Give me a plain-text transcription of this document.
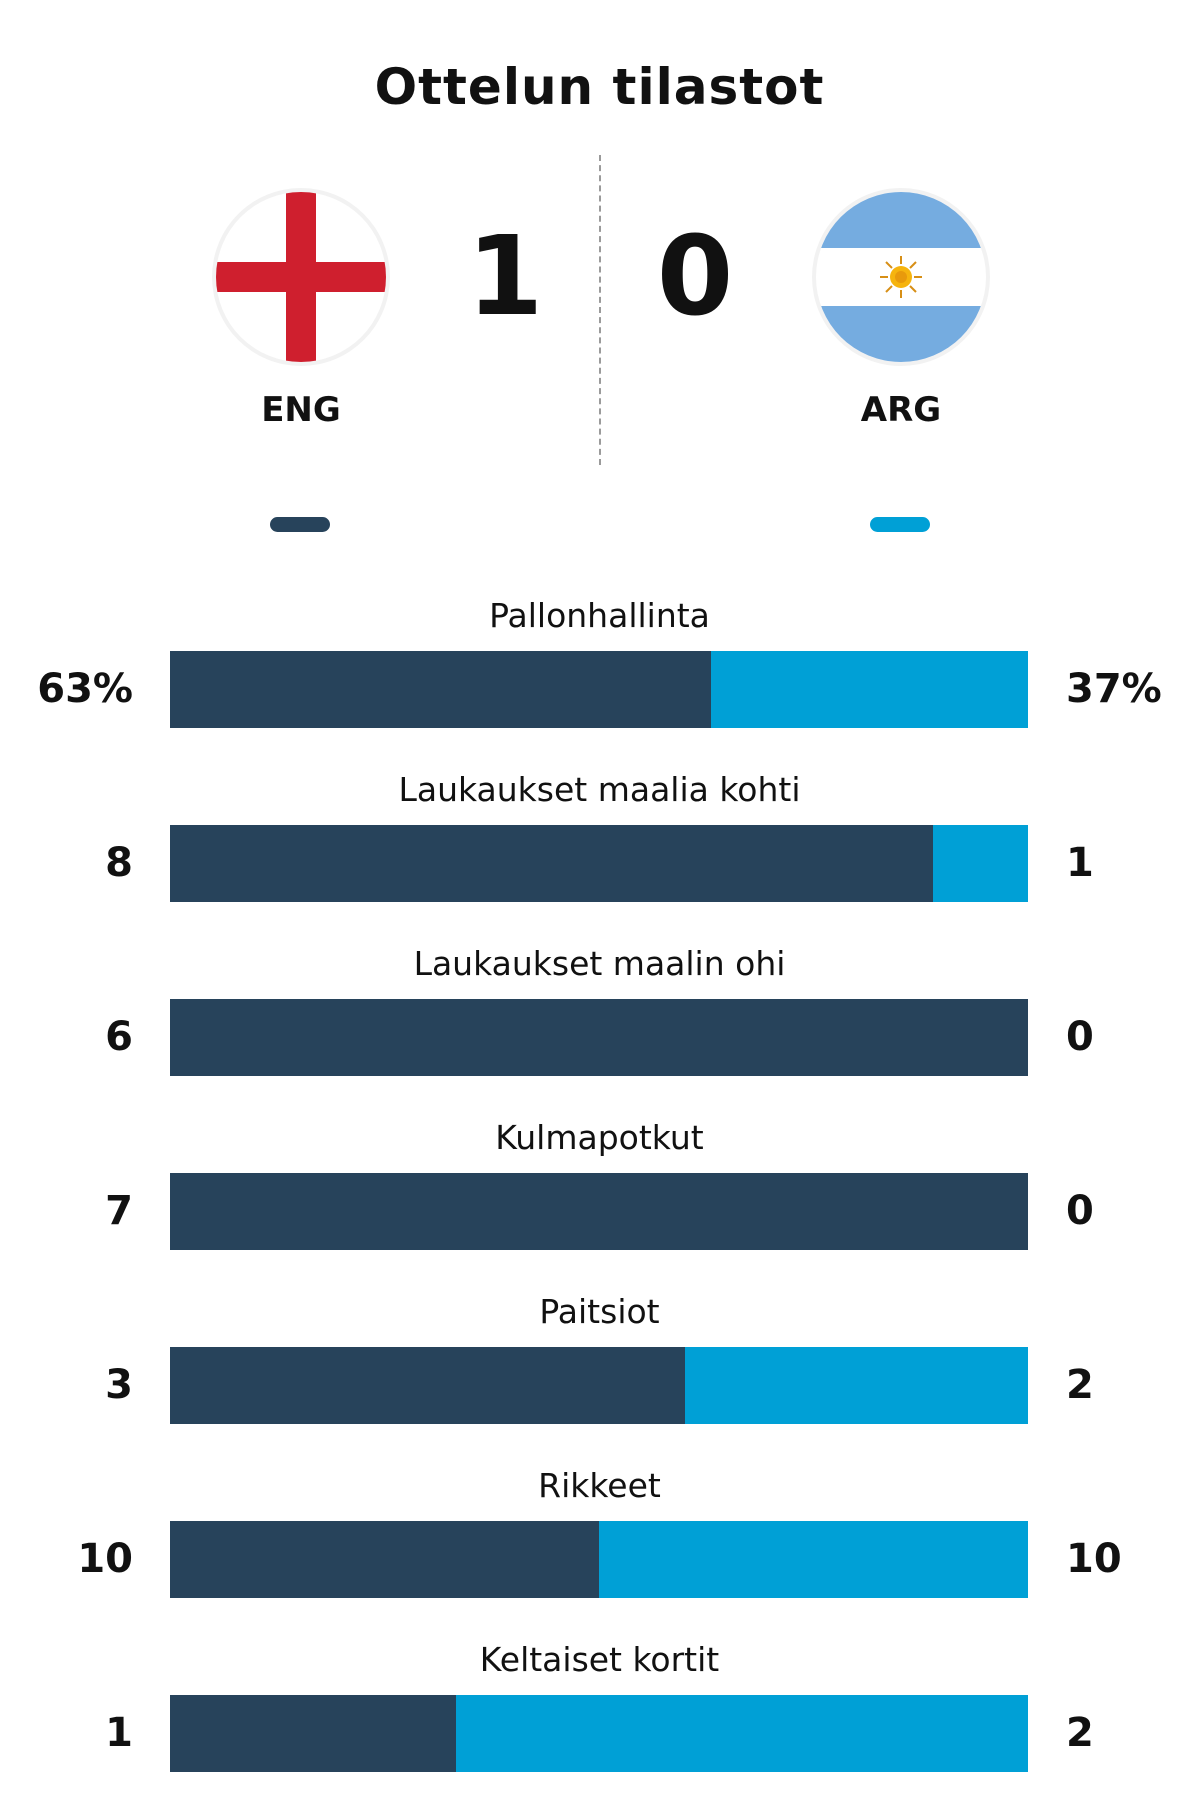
Ottelun tilastot
1 0
ENG	ARG
Pallonhallinta
63%	37%
Laukaukset maalia kohti
8	1
Laukaukset maalin ohi
6	0
Kulmapotkut
7	0
Paitsiot
3	2
Rikkeet
10	10
Keltaiset kortit
1	2
